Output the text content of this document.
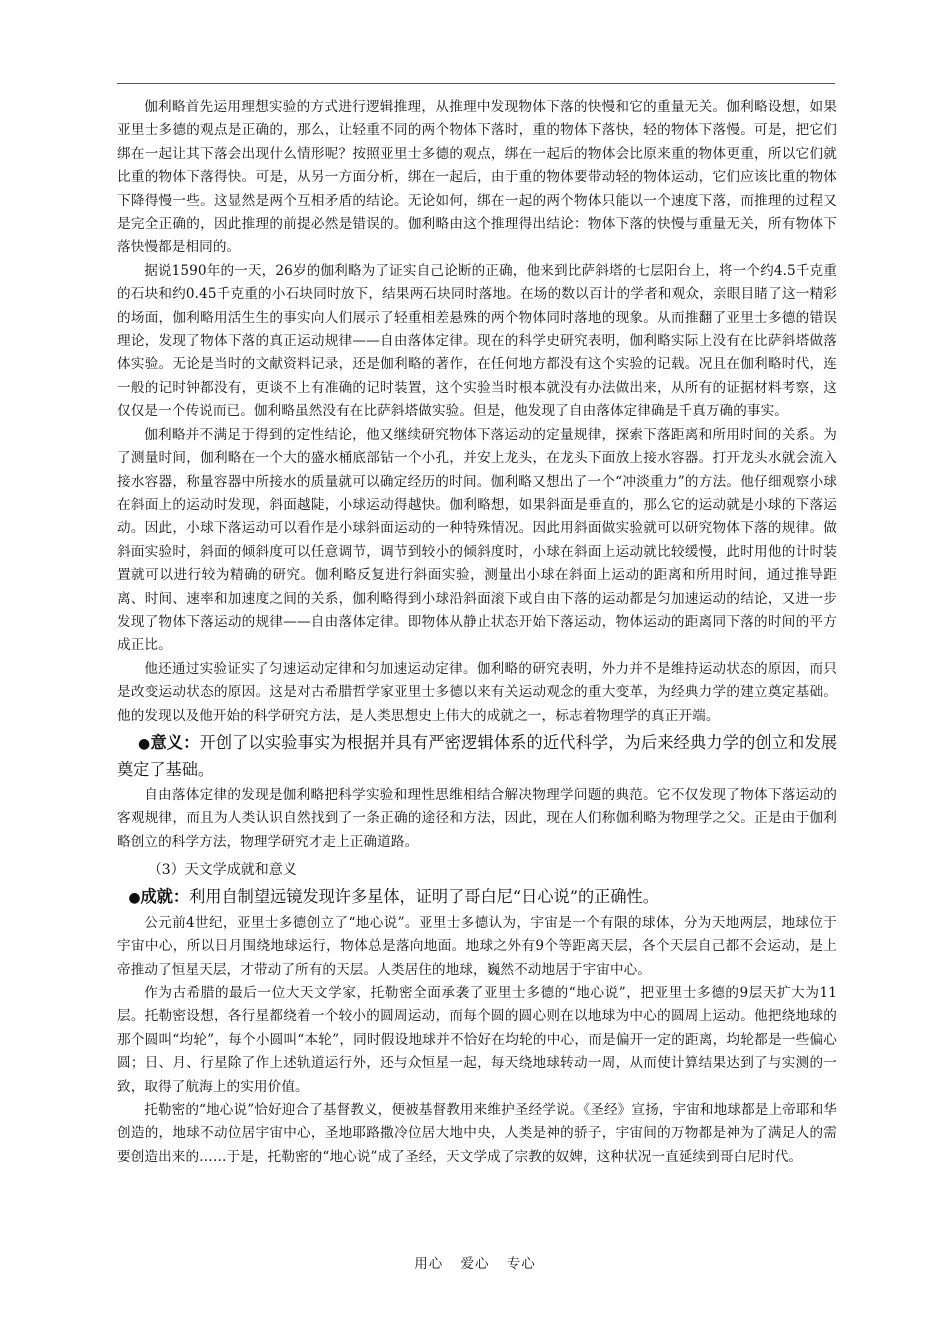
伽利略首先运用理想实验的方式进行逻辑推理，从推理中发现物体下落的快慢和它的重量无关。伽利略设想，如果亚里士多德的观点是正确的，那么，让轻重不同的两个物体下落时，重的物体下落快，轻的物体下落慢。可是，把它们绑在一起让其下落会出现什么情形呢？按照亚里士多德的观点，绑在一起后的物体会比原来重的物体更重，所以它们就比重的物体下落得快。可是，从另一方面分析，绑在一起后，由于重的物体要带动轻的物体运动，它们应该比重的物体下降得慢一些。这显然是两个互相矛盾的结论。无论如何，绑在一起的两个物体只能以一个速度下落，而推理的过程又是完全正确的，因此推理的前提必然是错误的。伽利略由这个推理得出结论：物体下落的快慢与重量无关，所有物体下落快慢都是相同的。

据说1590年的一天，26岁的伽利略为了证实自己论断的正确，他来到比萨斜塔的七层阳台上，将一个约4.5千克重的石块和约0.45千克重的小石块同时放下，结果两石块同时落地。在场的数以百计的学者和观众，亲眼目睹了这一精彩的场面，伽利略用活生生的事实向人们展示了轻重相差悬殊的两个物体同时落地的现象。从而推翻了亚里士多德的错误理论，发现了物体下落的真正运动规律——自由落体定律。现在的科学史研究表明，伽利略实际上没有在比萨斜塔做落体实验。无论是当时的文献资料记录，还是伽利略的著作，在任何地方都没有这个实验的记载。况且在伽利略时代，连一般的记时钟都没有，更谈不上有准确的记时装置，这个实验当时根本就没有办法做出来，从所有的证据材料考察，这仅仅是一个传说而已。伽利略虽然没有在比萨斜塔做实验。但是，他发现了自由落体定律确是千真万确的事实。

伽利略并不满足于得到的定性结论，他又继续研究物体下落运动的定量规律，探索下落距离和所用时间的关系。为了测量时间，伽利略在一个大的盛水桶底部钻一个小孔，并安上龙头，在龙头下面放上接水容器。打开龙头水就会流入接水容器，称量容器中所接水的质量就可以确定经历的时间。伽利略又想出了一个“冲淡重力”的方法。他仔细观察小球在斜面上的运动时发现，斜面越陡，小球运动得越快。伽利略想，如果斜面是垂直的，那么它的运动就是小球的下落运动。因此，小球下落运动可以看作是小球斜面运动的一种特殊情况。因此用斜面做实验就可以研究物体下落的规律。做斜面实验时，斜面的倾斜度可以任意调节，调节到较小的倾斜度时，小球在斜面上运动就比较缓慢，此时用他的计时装置就可以进行较为精确的研究。伽利略反复进行斜面实验，测量出小球在斜面上运动的距离和所用时间，通过推导距离、时间、速率和加速度之间的关系，伽利略得到小球沿斜面滚下或自由下落的运动都是匀加速运动的结论，又进一步发现了物体下落运动的规律——自由落体定律。即物体从静止状态开始下落运动，物体运动的距离同下落的时间的平方成正比。

他还通过实验证实了匀速运动定律和匀加速运动定律。伽利略的研究表明，外力并不是维持运动状态的原因，而只是改变运动状态的原因。这是对古希腊哲学家亚里士多德以来有关运动观念的重大变革，为经典力学的建立奠定基础。他的发现以及他开始的科学研究方法，是人类思想史上伟大的成就之一，标志着物理学的真正开端。

●意义：开创了以实验事实为根据并具有严密逻辑体系的近代科学，为后来经典力学的创立和发展奠定了基础。

自由落体定律的发现是伽利略把科学实验和理性思维相结合解决物理学问题的典范。它不仅发现了物体下落运动的客观规律，而且为人类认识自然找到了一条正确的途径和方法，因此，现在人们称伽利略为物理学之父。正是由于伽利略创立的科学方法，物理学研究才走上正确道路。

（3）天文学成就和意义

●成就：利用自制望远镜发现许多星体，证明了哥白尼“日心说”的正确性。

公元前4世纪，亚里士多德创立了“地心说”。亚里士多德认为，宇宙是一个有限的球体，分为天地两层，地球位于宇宙中心，所以日月围绕地球运行，物体总是落向地面。地球之外有9个等距离天层，各个天层自己都不会运动，是上帝推动了恒星天层，才带动了所有的天层。人类居住的地球，巍然不动地居于宇宙中心。

作为古希腊的最后一位大天文学家，托勒密全面承袭了亚里士多德的“地心说”，把亚里士多德的9层天扩大为11层。托勒密设想，各行星都绕着一个较小的圆周运动，而每个圆的圆心则在以地球为中心的圆周上运动。他把绕地球的那个圆叫“均轮”，每个小圆叫“本轮”，同时假设地球并不恰好在均轮的中心，而是偏开一定的距离，均轮都是一些偏心圆；日、月、行星除了作上述轨道运行外，还与众恒星一起，每天绕地球转动一周，从而使计算结果达到了与实测的一致，取得了航海上的实用价值。

托勒密的“地心说”恰好迎合了基督教义，便被基督教用来维护圣经学说。《圣经》宣扬，宇宙和地球都是上帝耶和华创造的，地球不动位居宇宙中心，圣地耶路撒冷位居大地中央，人类是神的骄子，宇宙间的万物都是神为了满足人的需要创造出来的……于是，托勒密的“地心说”成了圣经，天文学成了宗教的奴婢，这种状况一直延续到哥白尼时代。

用心 爱心 专心
